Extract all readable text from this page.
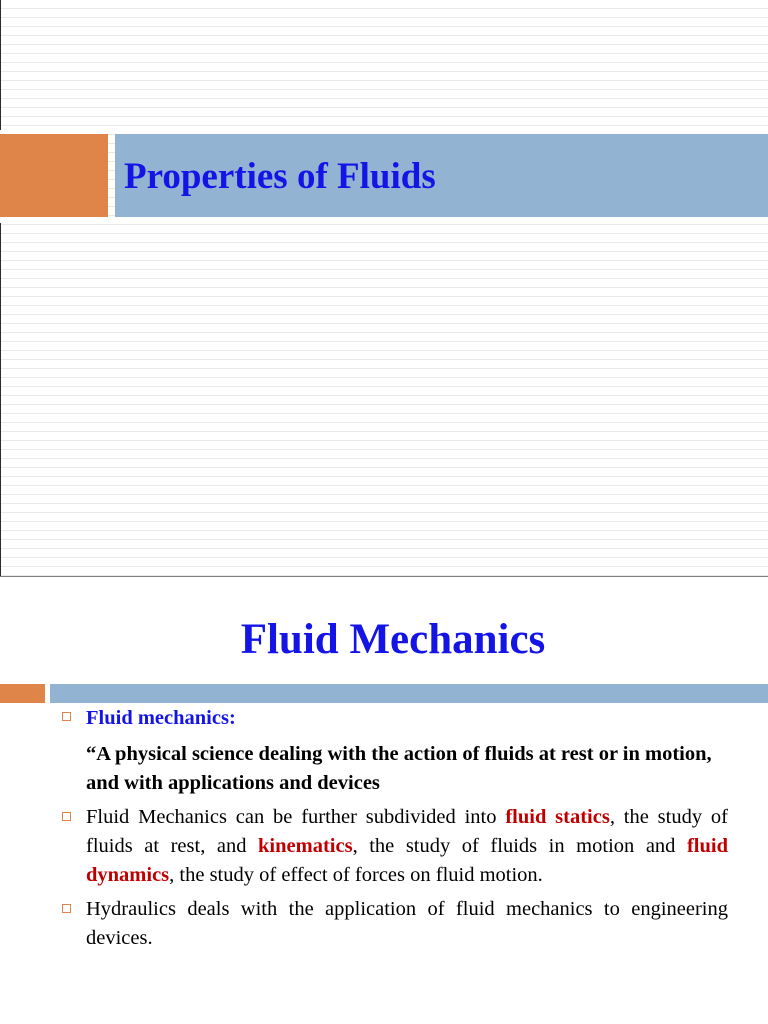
Properties of Fluids
Fluid Mechanics
Fluid mechanics:
“A physical science dealing with the action of fluids at rest or in motion, and with applications and devices
Fluid Mechanics can be further subdivided into fluid statics, the study of fluids at rest, and kinematics, the study of fluids in motion and fluid dynamics, the study of effect of forces on fluid motion.
Hydraulics deals with the application of fluid mechanics to engineering devices.
